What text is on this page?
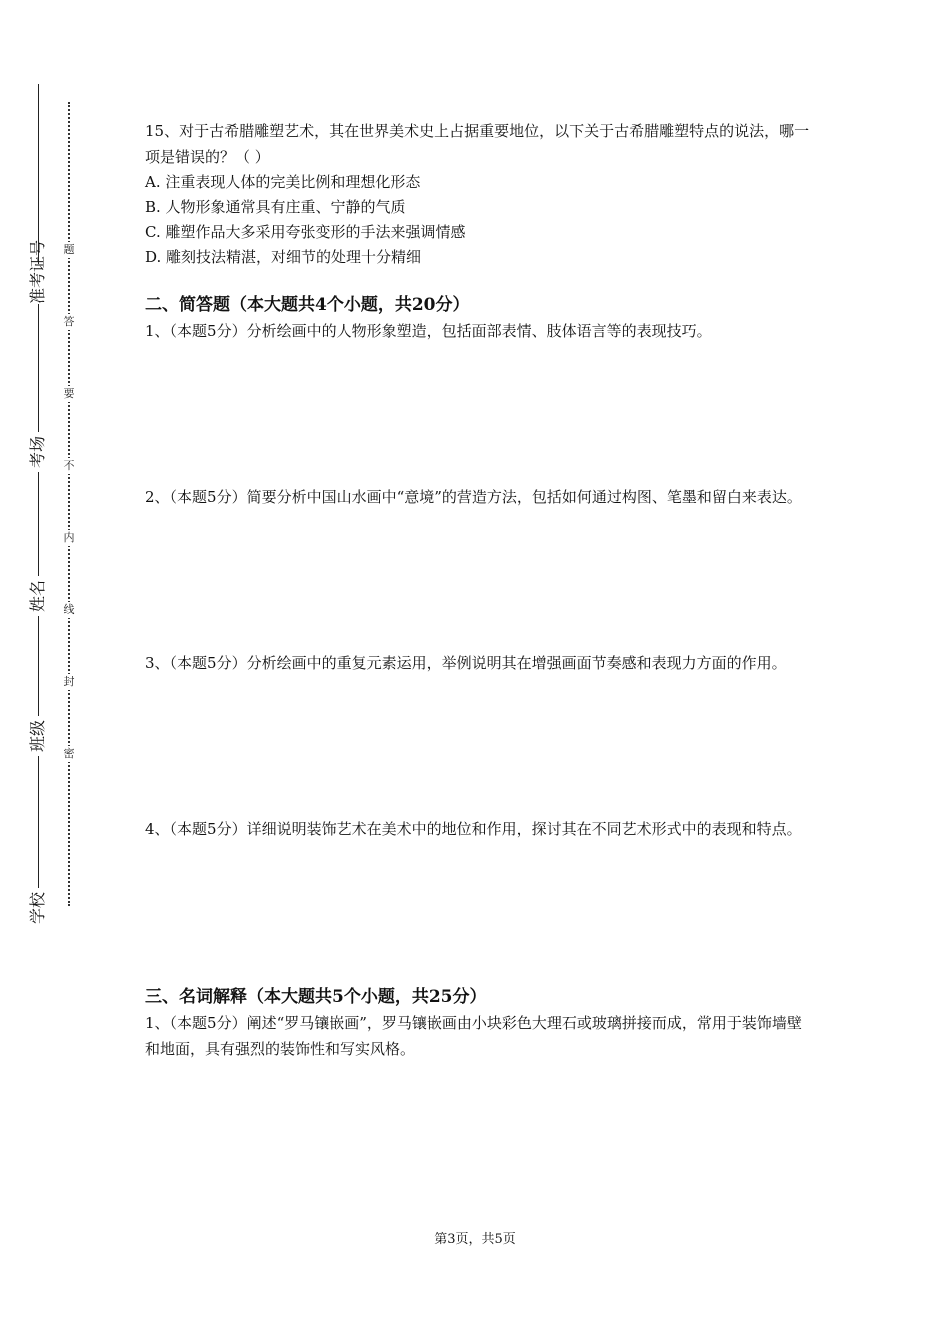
准考证号
考场
姓名
班级
学校
题
答
要
不
内
线
封
密

15、对于古希腊雕塑艺术，其在世界美术史上占据重要地位，以下关于古希腊雕塑特点的说法，哪一项是错误的？（ ）

A. 注重表现人体的完美比例和理想化形态

B. 人物形象通常具有庄重、宁静的气质

C. 雕塑作品大多采用夸张变形的手法来强调情感

D. 雕刻技法精湛，对细节的处理十分精细

二、简答题（本大题共4个小题，共20分）

1、（本题5分）分析绘画中的人物形象塑造，包括面部表情、肢体语言等的表现技巧。

2、（本题5分）简要分析中国山水画中“意境”的营造方法，包括如何通过构图、笔墨和留白来表达。

3、（本题5分）分析绘画中的重复元素运用，举例说明其在增强画面节奏感和表现力方面的作用。

4、（本题5分）详细说明装饰艺术在美术中的地位和作用，探讨其在不同艺术形式中的表现和特点。

三、名词解释（本大题共5个小题，共25分）

1、（本题5分）阐述“罗马镶嵌画”，罗马镶嵌画由小块彩色大理石或玻璃拼接而成，常用于装饰墙壁和地面，具有强烈的装饰性和写实风格。

第3页，共5页
